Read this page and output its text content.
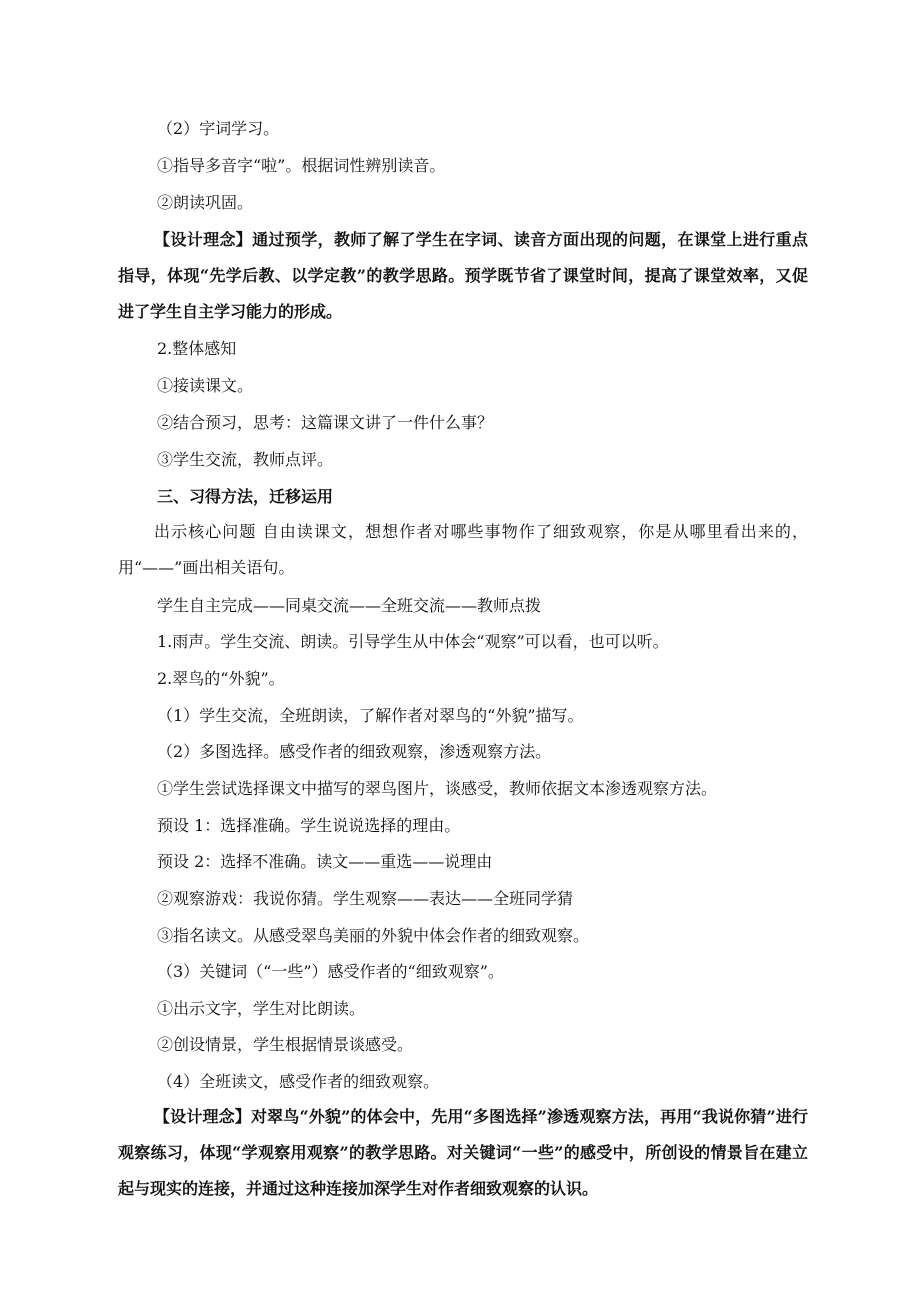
（2）字词学习。
①指导多音字“啦”。根据词性辨别读音。
②朗读巩固。
【设计理念】通过预学，教师了解了学生在字词、读音方面出现的问题，在课堂上进行重点指导，体现“先学后教、以学定教”的教学思路。预学既节省了课堂时间，提高了课堂效率，又促进了学生自主学习能力的形成。
2.整体感知
①接读课文。
②结合预习，思考：这篇课文讲了一件什么事？
③学生交流，教师点评。
三、习得方法，迁移运用
出示核心问题 自由读课文，想想作者对哪些事物作了细致观察，你是从哪里看出来的，用“——”画出相关语句。
学生自主完成——同桌交流——全班交流——教师点拨
1.雨声。学生交流、朗读。引导学生从中体会“观察”可以看，也可以听。
2.翠鸟的“外貌”。
（1）学生交流，全班朗读，了解作者对翠鸟的“外貌”描写。
（2）多图选择。感受作者的细致观察，渗透观察方法。
①学生尝试选择课文中描写的翠鸟图片，谈感受，教师依据文本渗透观察方法。
预设 1：选择准确。学生说说选择的理由。
预设 2：选择不准确。读文——重选——说理由
②观察游戏：我说你猜。学生观察——表达——全班同学猜
③指名读文。从感受翠鸟美丽的外貌中体会作者的细致观察。
（3）关键词（“一些”）感受作者的“细致观察”。
①出示文字，学生对比朗读。
②创设情景，学生根据情景谈感受。
（4）全班读文，感受作者的细致观察。
【设计理念】对翠鸟“外貌”的体会中，先用“多图选择”渗透观察方法，再用“我说你猜”进行观察练习，体现“学观察用观察”的教学思路。对关键词“一些”的感受中，所创设的情景旨在建立起与现实的连接，并通过这种连接加深学生对作者细致观察的认识。
